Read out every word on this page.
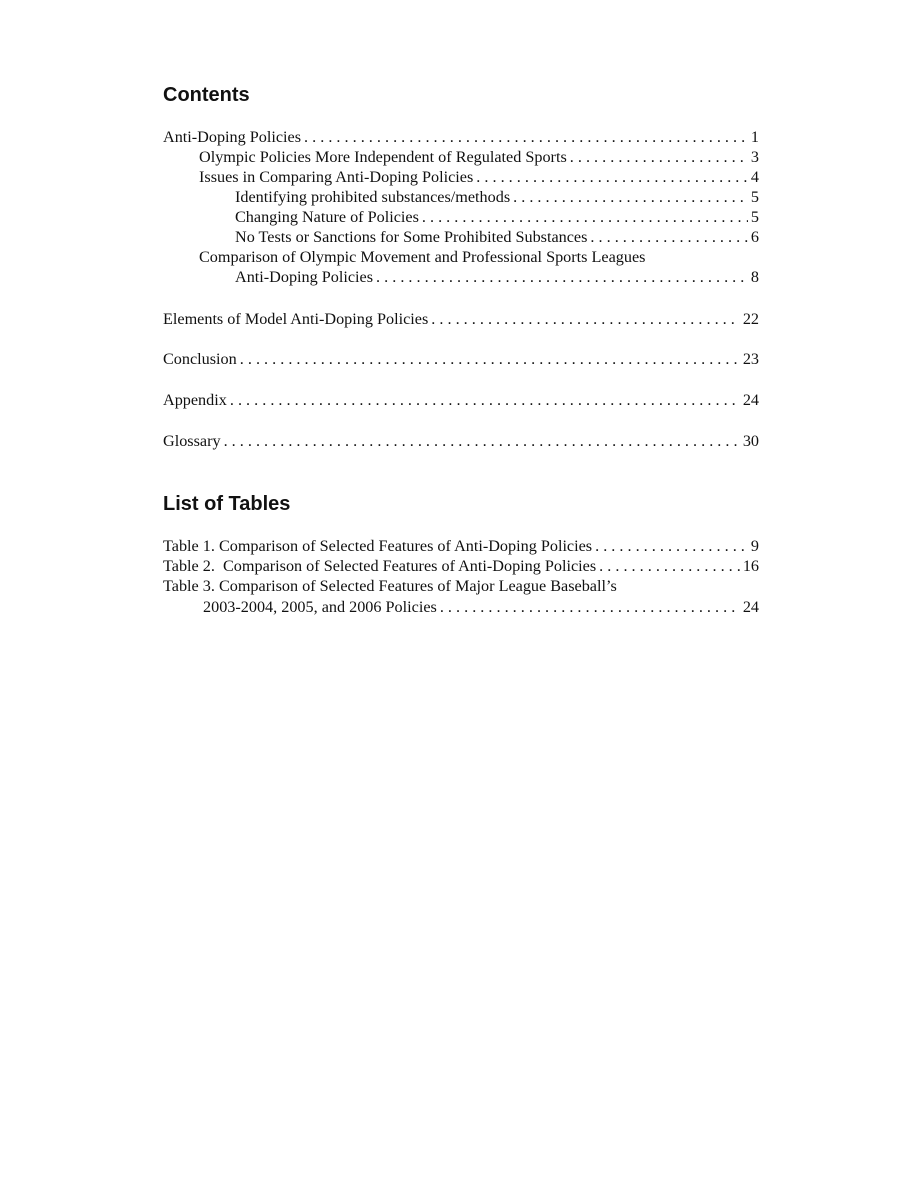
Contents
Anti-Doping Policies . . .	1
Olympic Policies More Independent of Regulated Sports . . .	3
Issues in Comparing Anti-Doping Policies . . .	4
Identifying prohibited substances/methods . . .	5
Changing Nature of Policies . . .	5
No Tests or Sanctions for Some Prohibited Substances . . .	6
Comparison of Olympic Movement and Professional Sports Leagues
Anti-Doping Policies . . .	8
Elements of Model Anti-Doping Policies . . .	22
Conclusion . . .	23
Appendix . . .	24
Glossary . . .	30
List of Tables
Table 1. Comparison of Selected Features of Anti-Doping Policies . . .	9
Table 2.  Comparison of Selected Features of Anti-Doping Policies . . .	16
Table 3. Comparison of Selected Features of Major League Baseball’s
2003-2004, 2005, and 2006 Policies . . .	24
